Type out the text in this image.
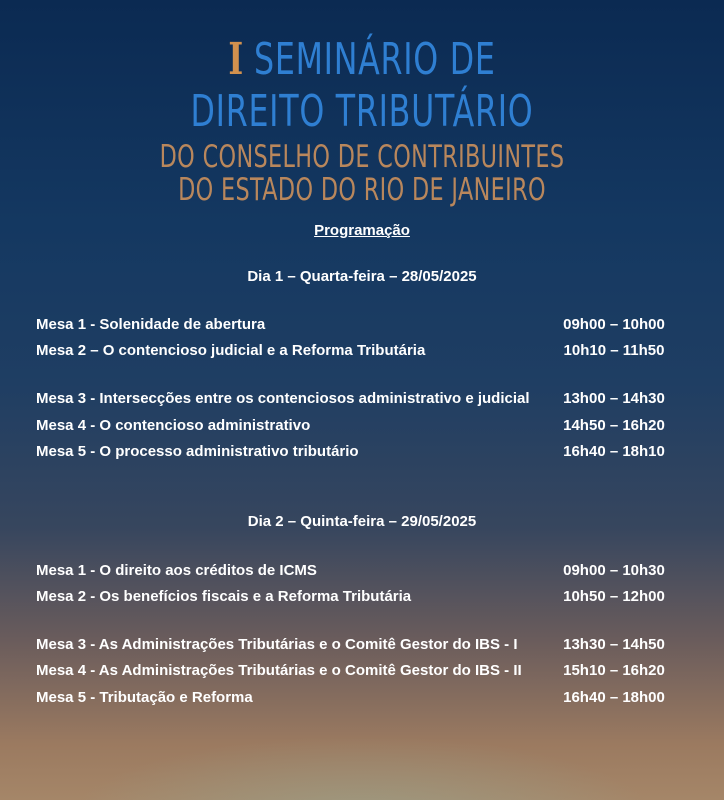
I SEMINÁRIO DE
DIREITO TRIBUTÁRIO
DO CONSELHO DE CONTRIBUINTES
DO ESTADO DO RIO DE JANEIRO
Programação
Dia 1 – Quarta-feira – 28/05/2025
Mesa 1 - Solenidade de abertura	09h00 – 10h00
Mesa 2 – O contencioso judicial e a Reforma Tributária	10h10 – 11h50
Mesa 3 - Intersecções entre os contenciosos administrativo e judicial 13h00 – 14h30
Mesa 4 - O contencioso administrativo	14h50 – 16h20
Mesa 5 - O processo administrativo tributário	16h40 – 18h10
Dia 2 – Quinta-feira – 29/05/2025
Mesa 1 - O direito aos créditos de ICMS	09h00 – 10h30
Mesa 2 - Os benefícios fiscais e a Reforma Tributária	10h50 – 12h00
Mesa 3 - As Administrações Tributárias e o Comitê Gestor do IBS - I	13h30 – 14h50
Mesa 4 - As Administrações Tributárias e o Comitê Gestor do IBS - II	15h10 – 16h20
Mesa 5 - Tributação e Reforma	16h40 – 18h00
